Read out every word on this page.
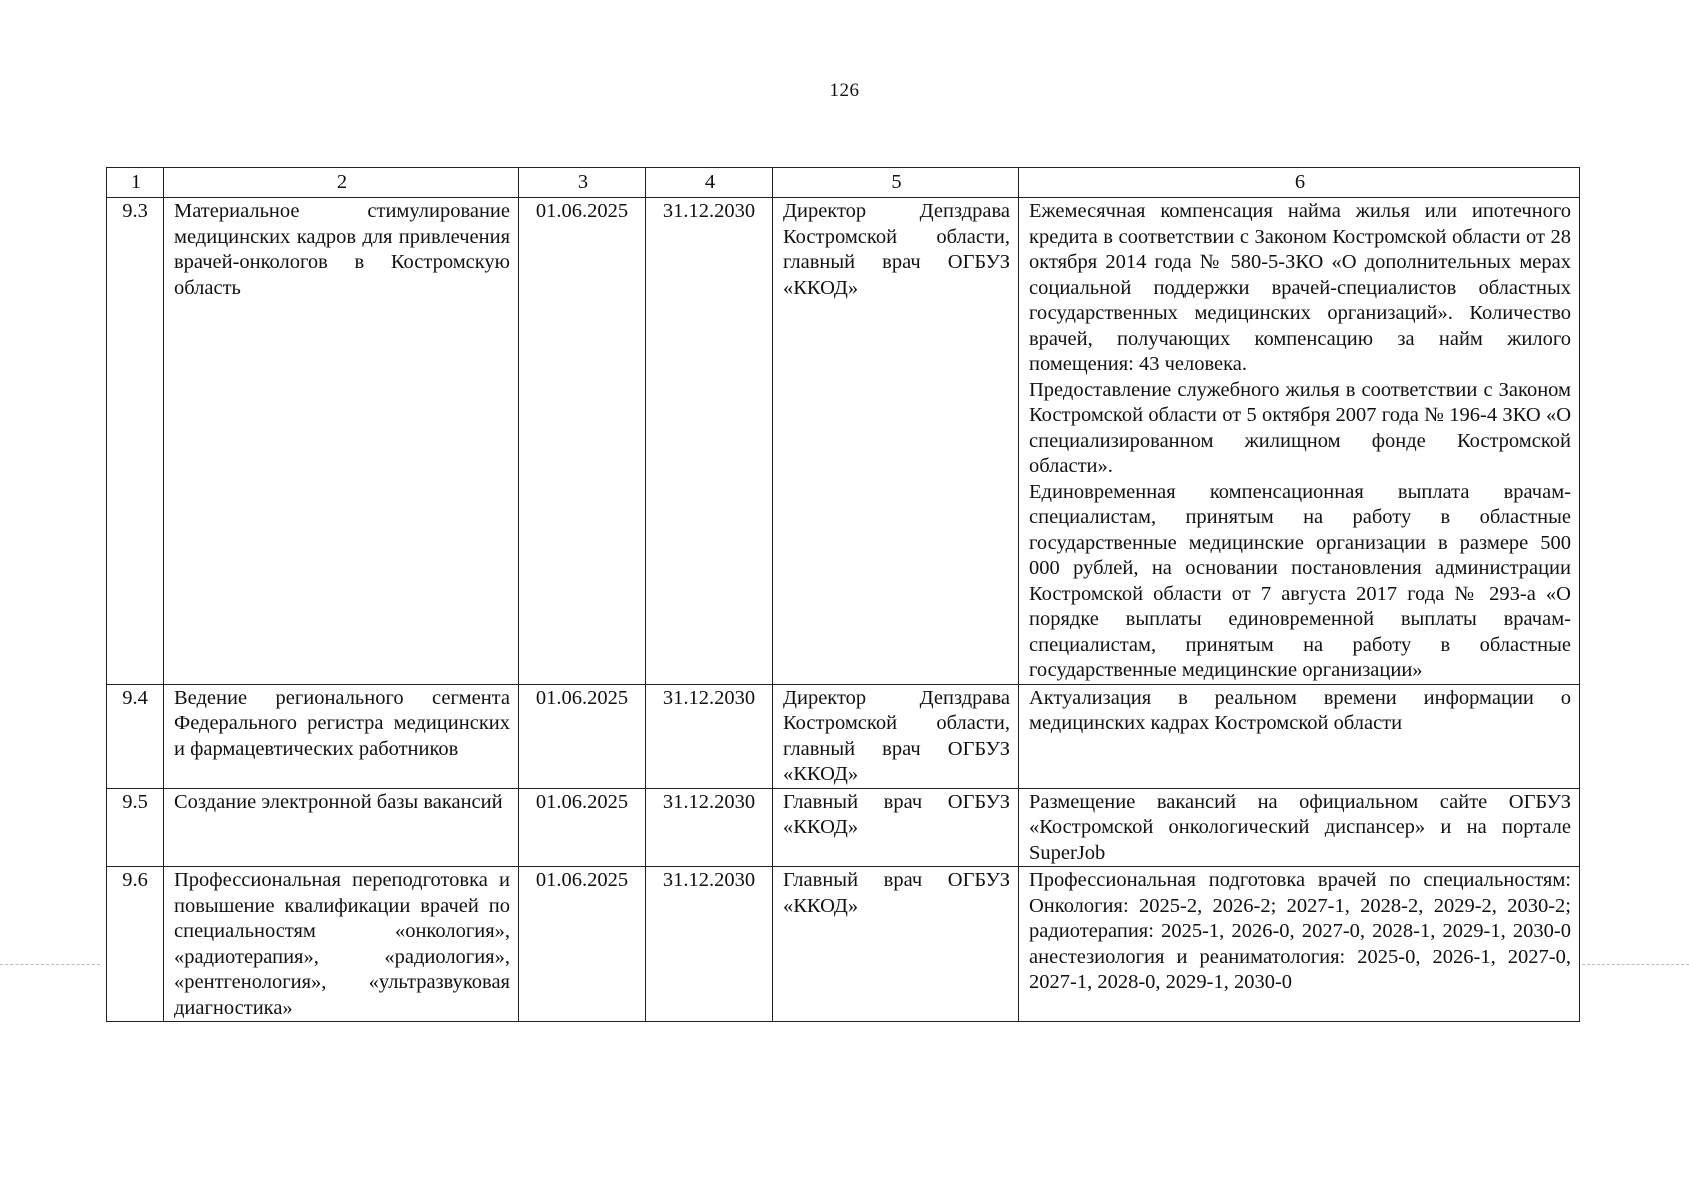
126
1	2	3	4	5	6
9.3	Материальное стимулирование медицинских кадров для привлечения врачей-онкологов в Костромскую область	01.06.2025	31.12.2030	Директор Депздрава Костромской области, главный врач ОГБУЗ «ККОД»	Ежемесячная компенсация найма жилья или ипотечного кредита в соответствии с Законом Костромской области от 28 октября 2014 года № 580-5-ЗКО «О дополнительных мерах социальной поддержки врачей-специалистов областных государственных медицинских организаций». Количество врачей, получающих компенсацию за найм жилого помещения: 43 человека.
Предоставление служебного жилья в соответствии с Законом Костромской области от 5 октября 2007 года № 196-4 ЗКО «О специализированном жилищном фонде Костромской области».
Единовременная компенсационная выплата врачам-специалистам, принятым на работу в областные государственные медицинские организации в размере 500 000 рублей, на основании постановления администрации Костромской области от 7 августа 2017 года № 293-а «О порядке выплаты единовременной выплаты врачам-специалистам, принятым на работу в областные государственные медицинские организации»

9.4	Ведение регионального сегмента Федерального регистра медицинских и фармацевтических работников	01.06.2025	31.12.2030	Директор Депздрава Костромской области, главный врач ОГБУЗ «ККОД»	Актуализация в реальном времени информации о медицинских кадрах Костромской области

9.5	Создание электронной базы вакансий	01.06.2025	31.12.2030	Главный врач ОГБУЗ «ККОД»	Размещение вакансий на официальном сайте ОГБУЗ «Костромской онкологический диспансер» и на портале SuperJob

9.6	Профессиональная переподготовка и повышение квалификации врачей по специальностям «онкология», «радиотерапия», «радиология», «рентгенология», «ультразвуковая диагностика»	01.06.2025	31.12.2030	Главный врач ОГБУЗ «ККОД»	Профессиональная подготовка врачей по специальностям: Онкология: 2025-2, 2026-2; 2027-1, 2028-2, 2029-2, 2030-2; радиотерапия: 2025-1, 2026-0, 2027-0, 2028-1, 2029-1, 2030-0 анестезиология и реаниматология: 2025-0, 2026-1, 2027-0, 2027-1, 2028-0, 2029-1, 2030-0
